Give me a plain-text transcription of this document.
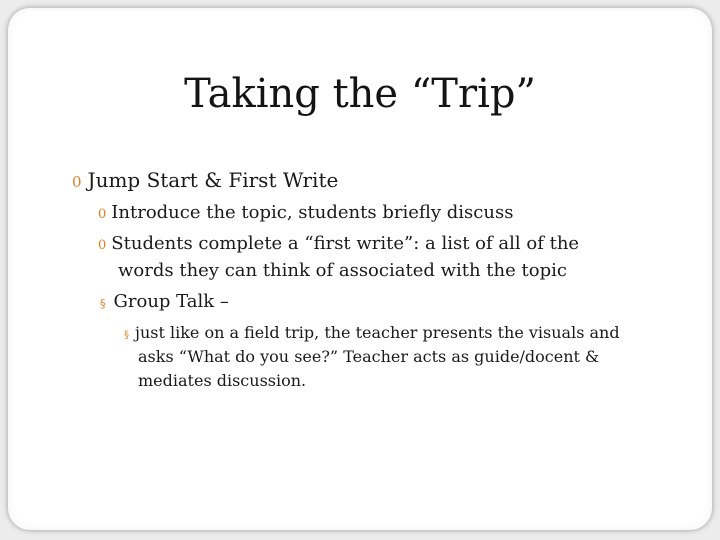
Taking the “Trip”
0 Jump Start & First Write
0 Introduce the topic, students briefly discuss
0 Students complete a “first write”: a list of all of the
words they can think of associated with the topic
§ Group Talk –
§ just like on a field trip, the teacher presents the visuals and
asks “What do you see?” Teacher acts as guide/docent &
mediates discussion.
